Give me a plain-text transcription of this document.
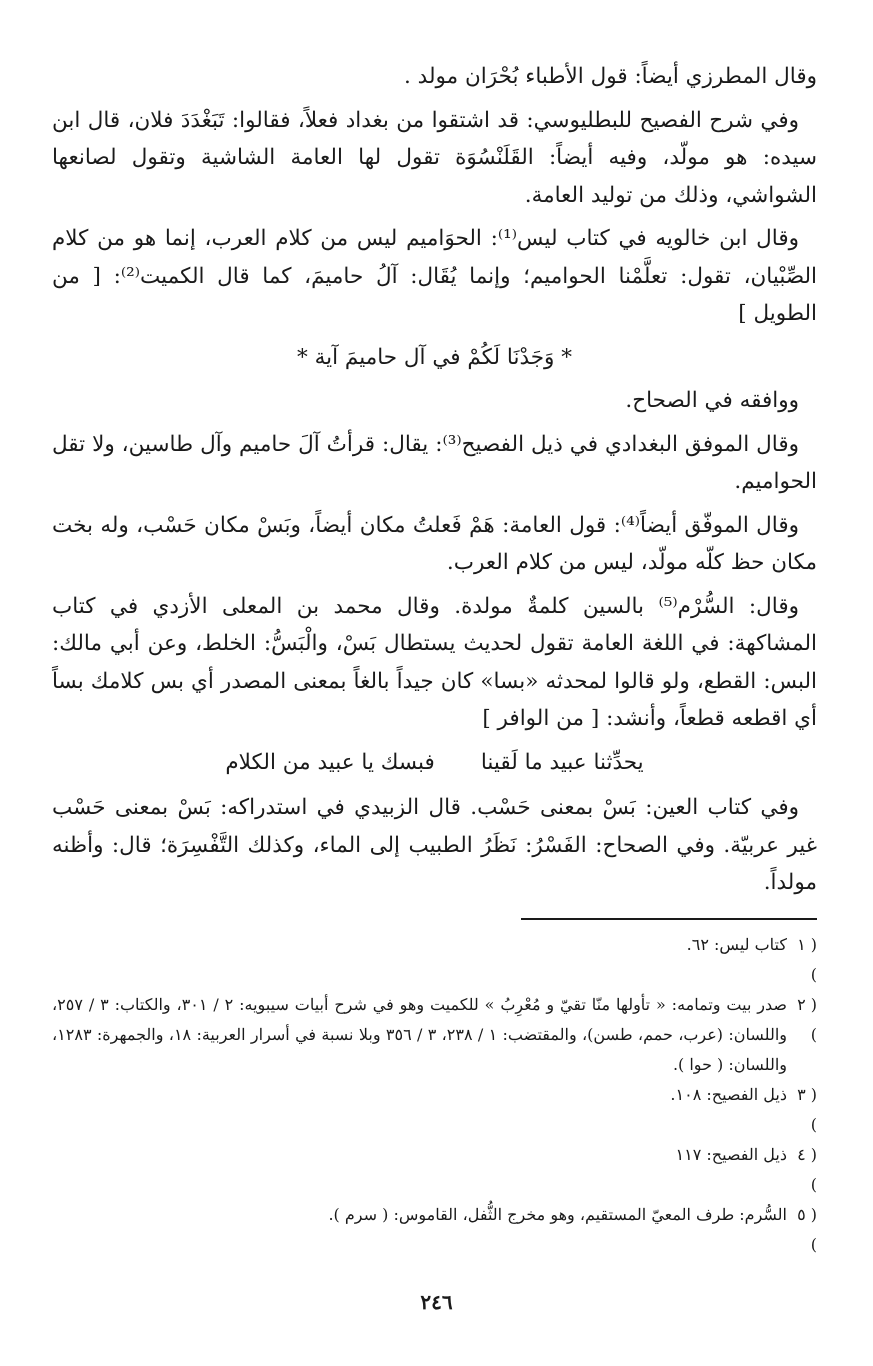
وقال المطرزي أيضاً: قول الأطباء بُحْرَان مولد .

وفي شرح الفصيح للبطليوسي: قد اشتقوا من بغداد فعلاً، فقالوا: تَبَغْدَدَ فلان، قال ابن سيده: هو مولّد، وفيه أيضاً: القَلَنْسُوَة تقول لها العامة الشاشية وتقول لصانعها الشواشي، وذلك من توليد العامة.

وقال ابن خالويه في كتاب ليس⁽¹⁾: الحوَاميم ليس من كلام العرب، إنما هو من كلام الصِّبْيان، تقول: تعلَّمْنا الحواميم؛ وإنما يُقَال: آلُ حاميمَ، كما قال الكميت⁽²⁾: [ من الطويل ]

* وَجَدْنَا لَكُمْ في آل حاميمَ آية *

ووافقه في الصحاح.

وقال الموفق البغدادي في ذيل الفصيح⁽³⁾: يقال: قرأتُ آلَ حاميم وآل طاسين، ولا تقل الحواميم.

وقال الموفّق أيضاً⁽⁴⁾: قول العامة: هَمْ فَعلتُ مكان أيضاً، وبَسْ مكان حَسْب، وله بخت مكان حظ كلّه مولّد، ليس من كلام العرب.

وقال: السُّرْم⁽⁵⁾ بالسين كلمةٌ مولدة. وقال محمد بن المعلى الأزدي في كتاب المشاكهة: في اللغة العامة تقول لحديث يستطال بَسْ، والْبَسُّ: الخلط، وعن أبي مالك: البس: القطع، ولو قالوا لمحدثه «بسا» كان جيداً بالغاً بمعنى المصدر أي بس كلامك بساً أي اقطعه قطعاً، وأنشد: [ من الوافر ]

يحدِّثنا عبيد ما لَقينا
فبسك يا عبيد من الكلام

وفي كتاب العين: بَسْ بمعنى حَسْب. قال الزبيدي في استدراكه: بَسْ بمعنى حَسْب غير عربيّة. وفي الصحاح: الفَسْرُ: نَظَرُ الطبيب إلى الماء، وكذلك التَّفْسِرَة؛ قال: وأظنه مولداً.

( ١ )
كتاب ليس: ٦٢.
( ٢ )
صدر بيت وتمامه: « تأولها منّا تقيّ و مُعْرِبُ » للكميت وهو في شرح أبيات سيبويه: ٢ / ٣٠١، والكتاب: ٣ / ٢٥٧، واللسان: (عرب، حمم، طسن)، والمقتضب: ١ / ٢٣٨، ٣ / ٣٥٦ وبلا نسبة في أسرار العربية: ١٨، والجمهرة: ١٢٨٣، واللسان: ( حوا ).
( ٣ )
ذيل الفصيح: ١٠٨.
( ٤ )
ذيل الفصيح: ١١٧
( ٥ )
السُّرم: طرف المعيّ المستقيم، وهو مخرج الثُّفل، القاموس: ( سرم ).
٢٤٦
